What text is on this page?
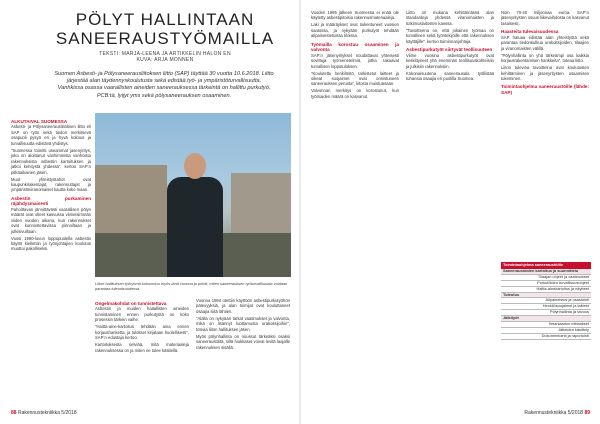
PÖLYT HALLINTAAN
SANEERAUSTYÖMAILLA
TEKSTI: MARJA-LEENA JA ARTIKKELIN HALON EN
KUVA: ARJA MONNEN
Suomen Asbesti- ja Pölysaneerausliitoksen liitto (SAP) täyttää 30 vuotta 10.6.2018. Liitto järjestää alan täydennyskoulutusta sekä edistää työ- ja ympäristöturvallisuutta. Vanhkissa osassa vaarallisten aineiden saneerauksessa tärkeintä on hallittu purkutyö, PCB:tä, lyijyt yms sekä pölysaneerauksen osaaminen.
ALKUTAIVAL SUOMESSA

Asbesti- ja Pölysaneerausliitoksen liitto eli SAP on työn sekä tiedon merkitsevä osapuoli pysyä eri ja hyvä kokous ja turvallisuutta edistävä yhdistys.

"Suomessa toimitti useammat jasenyritys, joka on aloittanut vanhimmista vanhoista rakennuksista asbestin kartoituksen ja jatkoi kehitystä yhdessä", kertoo SAP:n pitkäaikainen jäsen.

Muut yhteistyötahot ovat kaupunkirakentajat, rakennuttajat ja ympäristöviranomaiset kautta koko maan.

Asbestin purkaminen räjähdysmaisesti

Pahoittavan jännittävästi vaarallisen pölyn määrät ovat olleet kasvussa viimeisimmän viiden vuoden aikana, kun rakennukset ovat kunnostettavissa pinnoiltaan ja julkisivuiltaan.

Vuosi 1990-luvun loppupuolella asbestin käyttö kiellettiin ja työnjohtajien koulutus muuttui pakolliseksi.

Liiton hallituksen työryhmä kokoontuu myös tänä vuonna ja pohtii, miten saneerauksen työturvallisuutta voidaan parantaa tulevaisuudessa.
Ongelmakohdat on tunnistettava

Asbestin ja muiden haitallisten aineiden tunnistaminen ennen purkutyötä on koko prosessin tärkein vaihe.

"Haitta-aine-kartoitus tehdään aina ennen korjaushanketta, ja tulokset kirjataan huolellisesti", SAP:n edustaja kertoo.

Kartoituksesta selviää, mitä materiaaleja rakennuksessa on ja miten ne tulee käsitellä.

Vuonna 1994 otettiin käyttöön asbestipurkutyöhön pätevyyksiä, ja alan toimijat ovat kouluttaneet osaajia siitä lähtien.

"Alalla on nykyään tarkat vaatimukset ja valvonta, mikä on lisännyt luottamusta urakoitsijoihin", toteaa liiton hallituksen jäsen.

Myös pölynhallinta on noussut tärkeäksi osaksi saneeraustöitä, sillä hiukkaset voivat levitä laajalle rakennuksen sisällä.

88 Rakennustekniikka 5/2018

Vuoden 1995 jälkeen Suomessa ei enää ole käytetty asbestipitoisia rakennusmateriaaleja.

Laki ja määräykset ovat tiukentuneet vuosien saatossa, ja nykyään purkutyöt tehdään alipaineistetuissa tiloissa.

Työmailla korostuu osaaminen ja valvonta

SAP:n jäsenyritykset noudattavat yhteisesti sovittuja työmenetelmiä, jotka takaavat turvallisen lopputuloksen.

"Koulutettu henkilöstö, tarkistetut laitteet ja oikeat suojaimet ovat onnistuneen saneerauksen perusta", liitosta muistutetaan.

Valvonnan merkitys on korostunut, kun työmaiden määrä on kasvanut.

Liitto on mukana kehittämässä alan standardeja yhdessä viranomaisten ja tutkimuslaitosten kanssa.

"Tavoitteena on, että jokainen työmaa on turvallinen sekä työntekijöille että rakennuksen käyttäjille", kertoo toiminnanjohtaja.

Asbestipurkutyöt siirtyvät teollisuuteen

Viime vuosina asbestipurkutyöt ovat keskittyneet yhä enemmän teollisuuskohteisiin ja julkisiin rakennuksiin.

Kokonaisuutena saneerausala työllistää tuhansia osaajia eri puolilla Suomea.

Noin 70-40 miljoonaa euroa. SAP:n jäsenyritysten osuus liikevaihdosta on kasvanut tasaisesti.

Haasteita tulevaisuudessa

SAP haluaa edistää alan yhteistyötä sekä parantaa tiedonkulkua urakoitsijoiden, tilaajien ja viranomaisten välillä.

"Pölynhallinta on yhä tärkeämpi osa kaikkia korjausrakentamisen hankkeita", toteaa liitto.

Liiton tulevina tavoitteina ovat koulutusten kehittäminen ja jäsenyritysten osaamisen tukeminen.

Toimintaohjelma saneeraustöille (lähde: SAP)
Toimintaohjelma saneeraustöille
Saneeraustöiden kartoitus ja suunnittelu
Tilaajan ohjeet ja vaatimukset
Purkutöiden turvallisuusohjeet
Haitta-ainekartoitus ja näytteet
Toteutus
Alipaineistus ja osastointi
Henkilösuojaimet ja laitteet
Pölynhallinta ja siivous
Jälkityöt
Ilmanlaadun mittaukset
Jätteiden käsittely
Dokumentointi ja raportointi
Rakennustekniikka 5/2018 89
